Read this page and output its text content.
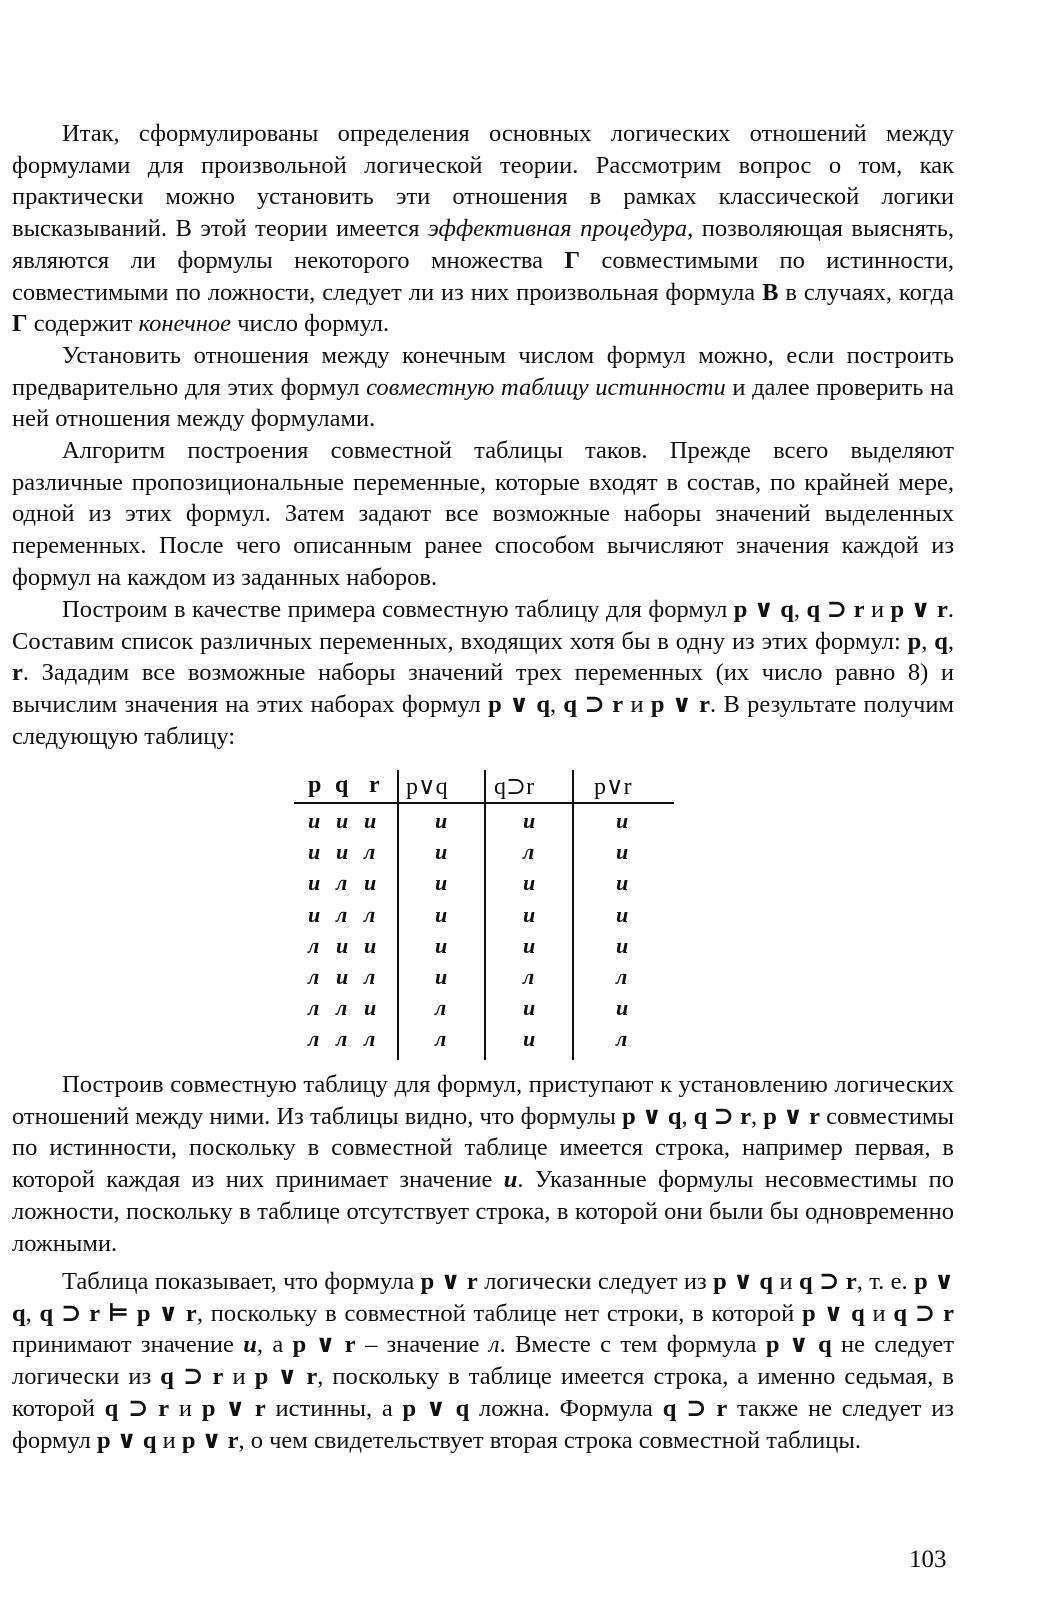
Итак, сформулированы определения основных логических отношений между формулами для произвольной логической теории. Рассмотрим вопрос о том, как практически можно установить эти отношения в рамках классической логики высказываний. В этой теории имеется эффективная процедура, позволяющая выяснять, являются ли формулы некоторого множества Г совместимыми по истинности, совместимыми по ложности, следует ли из них произвольная формула В в случаях, когда Г содержит конечное число формул.
Установить отношения между конечным числом формул можно, если построить предварительно для этих формул совместную таблицу истинности и далее проверить на ней отношения между формулами.
Алгоритм построения совместной таблицы таков. Прежде всего выделяют различные пропозициональные переменные, которые входят в состав, по крайней мере, одной из этих формул. Затем задают все возможные наборы значений выделенных переменных. После чего описанным ранее способом вычисляют значения каждой из формул на каждом из заданных наборов.
Построим в качестве примера совместную таблицу для формул p ∨ q, q ⊃ r и p ∨ r. Составим список различных переменных, входящих хотя бы в одну из этих формул: p, q, r. Зададим все возможные наборы значений трех переменных (их число равно 8) и вычислим значения на этих наборах формул p ∨ q, q ⊃ r и p ∨ r. В результате получим следующую таблицу:
p q r p∨q q⊃r p∨r
и и и	и	и	и
и и л	и	л	и
и л и	и	и	и
и л л	и	и	и
л и и	и	и	и
л и л	и	л	л
л л и	л	и	и
л л л	л	и	л
Построив совместную таблицу для формул, приступают к установлению логических отношений между ними. Из таблицы видно, что формулы p ∨ q, q ⊃ r, p ∨ r совместимы по истинности, поскольку в совместной таблице имеется строка, например первая, в которой каждая из них принимает значение и. Указанные формулы несовместимы по ложности, поскольку в таблице отсутствует строка, в которой они были бы одновременно ложными.
Таблица показывает, что формула p ∨ r логически следует из p ∨ q и q ⊃ r, т. е. p ∨ q, q ⊃ r ⊨ p ∨ r, поскольку в совместной таблице нет строки, в которой p ∨ q и q ⊃ r принимают значение и, а p ∨ r – значение л. Вместе с тем формула p ∨ q не следует логически из q ⊃ r и p ∨ r, поскольку в таблице имеется строка, а именно седьмая, в которой q ⊃ r и p ∨ r истинны, а p ∨ q ложна. Формула q ⊃ r также не следует из формул p ∨ q и p ∨ r, о чем свидетельствует вторая строка совместной таблицы.
103
